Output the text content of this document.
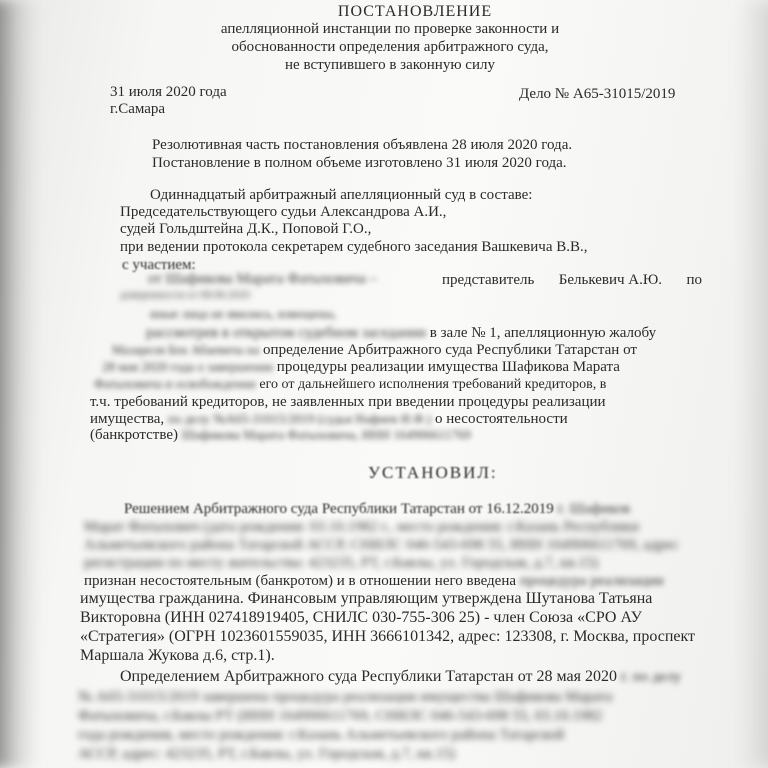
ПОСТАНОВЛЕНИЕ
апелляционной инстанции по проверке законности и
обоснованности определения арбитражного суда,
не вступившего в законную силу
31 июля 2020 года
г.Самара
Дело № А65-31015/2019
Резолютивная часть постановления объявлена 28 июля 2020 года.
Постановление в полном объеме изготовлено 31 июля 2020 года.
Одиннадцатый арбитражный апелляционный суд в составе:
Председательствующего судьи Александрова А.И.,
судей Гольдштейна Д.К., Поповой Г.О.,
при ведении протокола секретарем судебного заседания Вашкевича В.В.,
с участием:
от Шафикова Марата Фатыховича –	представитель Белькевич А.Ю. по
доверенности от 08.06.2020
иные лица не явились, извещены,
рассмотрев в открытом судебном заседании в зале № 1, апелляционную жалобу
Мазареля Бек Абаевича на определение Арбитражного суда Республики Татарстан от
28 мая 2020 года о завершении процедуры реализации имущества Шафикова Марата
Фатыховича и освобождении его от дальнейшего исполнения требований кредиторов, в
т.ч. требований кредиторов, не заявленных при введении процедуры реализации
имущества, по делу №А65-31015/2019 (судья Нафиев И.Ф.) о несостоятельности
(банкротстве) Шафикова Марата Фатыховича, ИНН 164906611769
УСТАНОВИЛ:
Решением Арбитражного суда Республики Татарстан от 16.12.2019 г. Шафиков
Марат Фатыхович (дата рождения: 03.10.1982 г., место рождения: г.Казань Республики
Альметьевского района Татарской АССР, СНИЛС 046-543-698 55, ИНН 164906611769, адрес
регистрации по месту жительства: 423235, РТ, г.Бавлы, ул. Городская, д.7, кв.15)
признан несостоятельным (банкротом) и в отношении него введена процедура реализации
имущества гражданина. Финансовым управляющим утверждена Шутанова Татьяна
Викторовна (ИНН 027418919405, СНИЛС 030-755-306 25) - член Союза «СРО АУ
«Стратегия» (ОГРН 1023601559035, ИНН 3666101342, адрес: 123308, г. Москва, проспект
Маршала Жукова д.6, стр.1).
Определением Арбитражного суда Республики Татарстан от 28 мая 2020 г. по делу
№ А65-31015/2019 завершена процедура реализации имущества Шафикова Марата
Фатыховича, г.Бавлы РТ (ИНН 164906611769, СНИЛС 046-543-698 55, 03.10.1982
года рождения, место рождения: г.Казань Альметьевского района Татарской
АССР, адрес: 423235, РТ, г.Бавлы, ул. Городская, д.7, кв.15)
